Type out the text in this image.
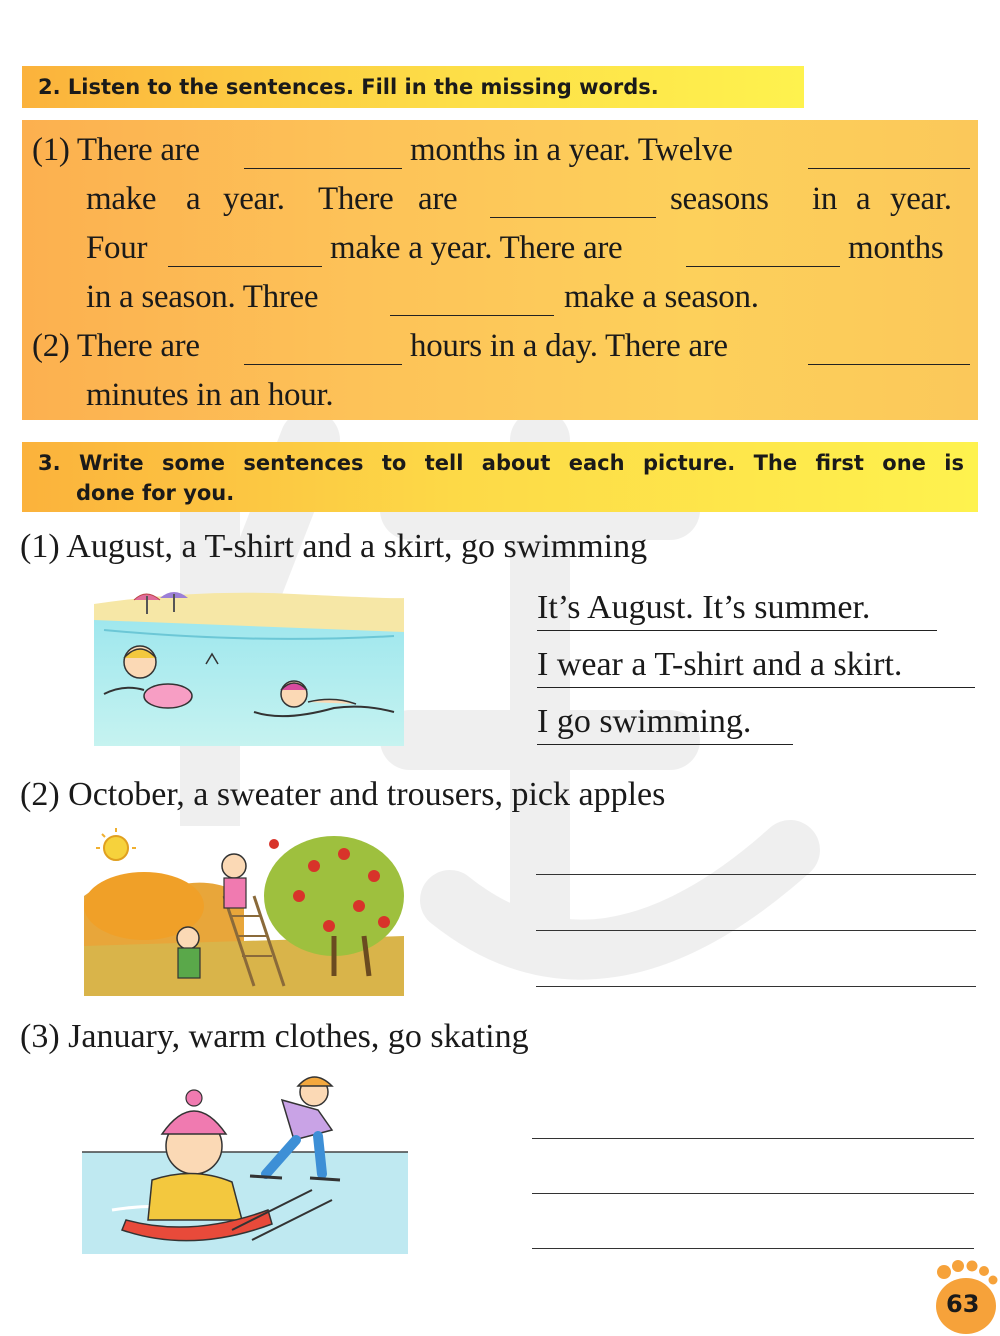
2. Listen to the sentences. Fill in the missing words.
(1) There are	months in a year. Twelve
make a year. There are	seasons in a year.
Four	make a year. There are	months
in a season. Three	make a season.
(2) There are	hours in a day. There are
minutes in an hour.
3. Write some sentences to tell about each picture. The first one is
done for you.
(1) August, a T-shirt and a skirt, go swimming
It’s August. It’s summer.
I wear a T-shirt and a skirt.
I go swimming.
(2) October, a sweater and trousers, pick apples
(3) January, warm clothes, go skating
63
